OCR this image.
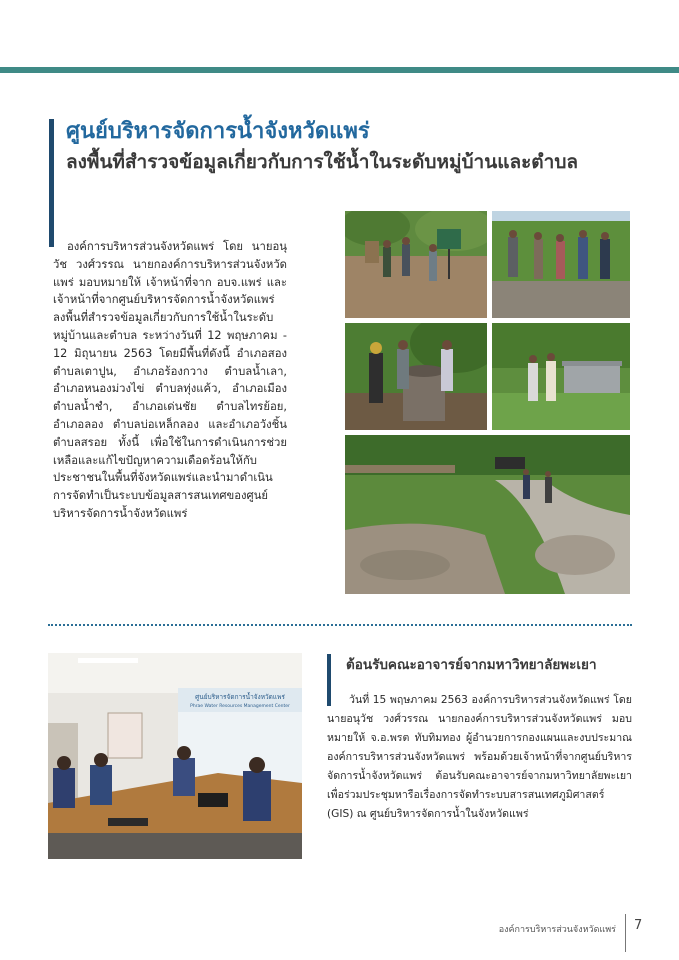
ศูนย์บริหารจัดการน้ำจังหวัดแพร่
ลงพื้นที่สำรวจข้อมูลเกี่ยวกับการใช้น้ำในระดับหมู่บ้านและตำบล

องค์การบริหารส่วนจังหวัดแพร่ โดย นายอนุวัช วงศ์วรรณ นายกองค์การบริหารส่วนจังหวัดแพร่ มอบหมายให้ เจ้าหน้าที่จาก อบจ.แพร่ และเจ้าหน้าที่จากศูนย์บริหารจัดการน้ำจังหวัดแพร่ ลงพื้นที่สำรวจข้อมูลเกี่ยวกับการใช้น้ำในระดับหมู่บ้านและตำบล ระหว่างวันที่ 12 พฤษภาคม - 12 มิถุนายน 2563 โดยมีพื้นที่ดังนี้ อำเภอสอง ตำบลเตาปูน, อำเภอร้องกวาง ตำบลน้ำเลา, อำเภอหนองม่วงไข่ ตำบลทุ่งแค้ว, อำเภอเมือง ตำบลน้ำชำ, อำเภอเด่นชัย ตำบลไทรย้อย, อำเภอลอง ตำบลบ่อเหล็กลอง และอำเภอวังชิ้น ตำบลสรอย ทั้งนี้ เพื่อใช้ในการดำเนินการช่วยเหลือและแก้ไขปัญหาความเดือดร้อนให้กับประชาชนในพื้นที่จังหวัดแพร่และนำมาดำเนินการจัดทำเป็นระบบข้อมูลสารสนเทศของศูนย์บริหารจัดการน้ำจังหวัดแพร่

ศูนย์บริหารจัดการน้ำจังหวัดแพร่
Phrae Water Resources Management Center
ต้อนรับคณะอาจารย์จากมหาวิทยาลัยพะเยา

วันที่ 15 พฤษภาคม 2563 องค์การบริหารส่วนจังหวัดแพร่ โดย นายอนุวัช วงศ์วรรณ นายกองค์การบริหารส่วนจังหวัดแพร่ มอบหมายให้ จ.อ.พรต ทับทิมทอง ผู้อำนวยการกองแผนและงบประมาณ องค์การบริหารส่วนจังหวัดแพร่ พร้อมด้วยเจ้าหน้าที่จากศูนย์บริหารจัดการน้ำจังหวัดแพร่ ต้อนรับคณะอาจารย์จากมหาวิทยาลัยพะเยา เพื่อร่วมประชุมหารือเรื่องการจัดทำระบบสารสนเทศภูมิศาสตร์ (GIS) ณ ศูนย์บริหารจัดการน้ำในจังหวัดแพร่

องค์การบริหารส่วนจังหวัดแพร่ 7
